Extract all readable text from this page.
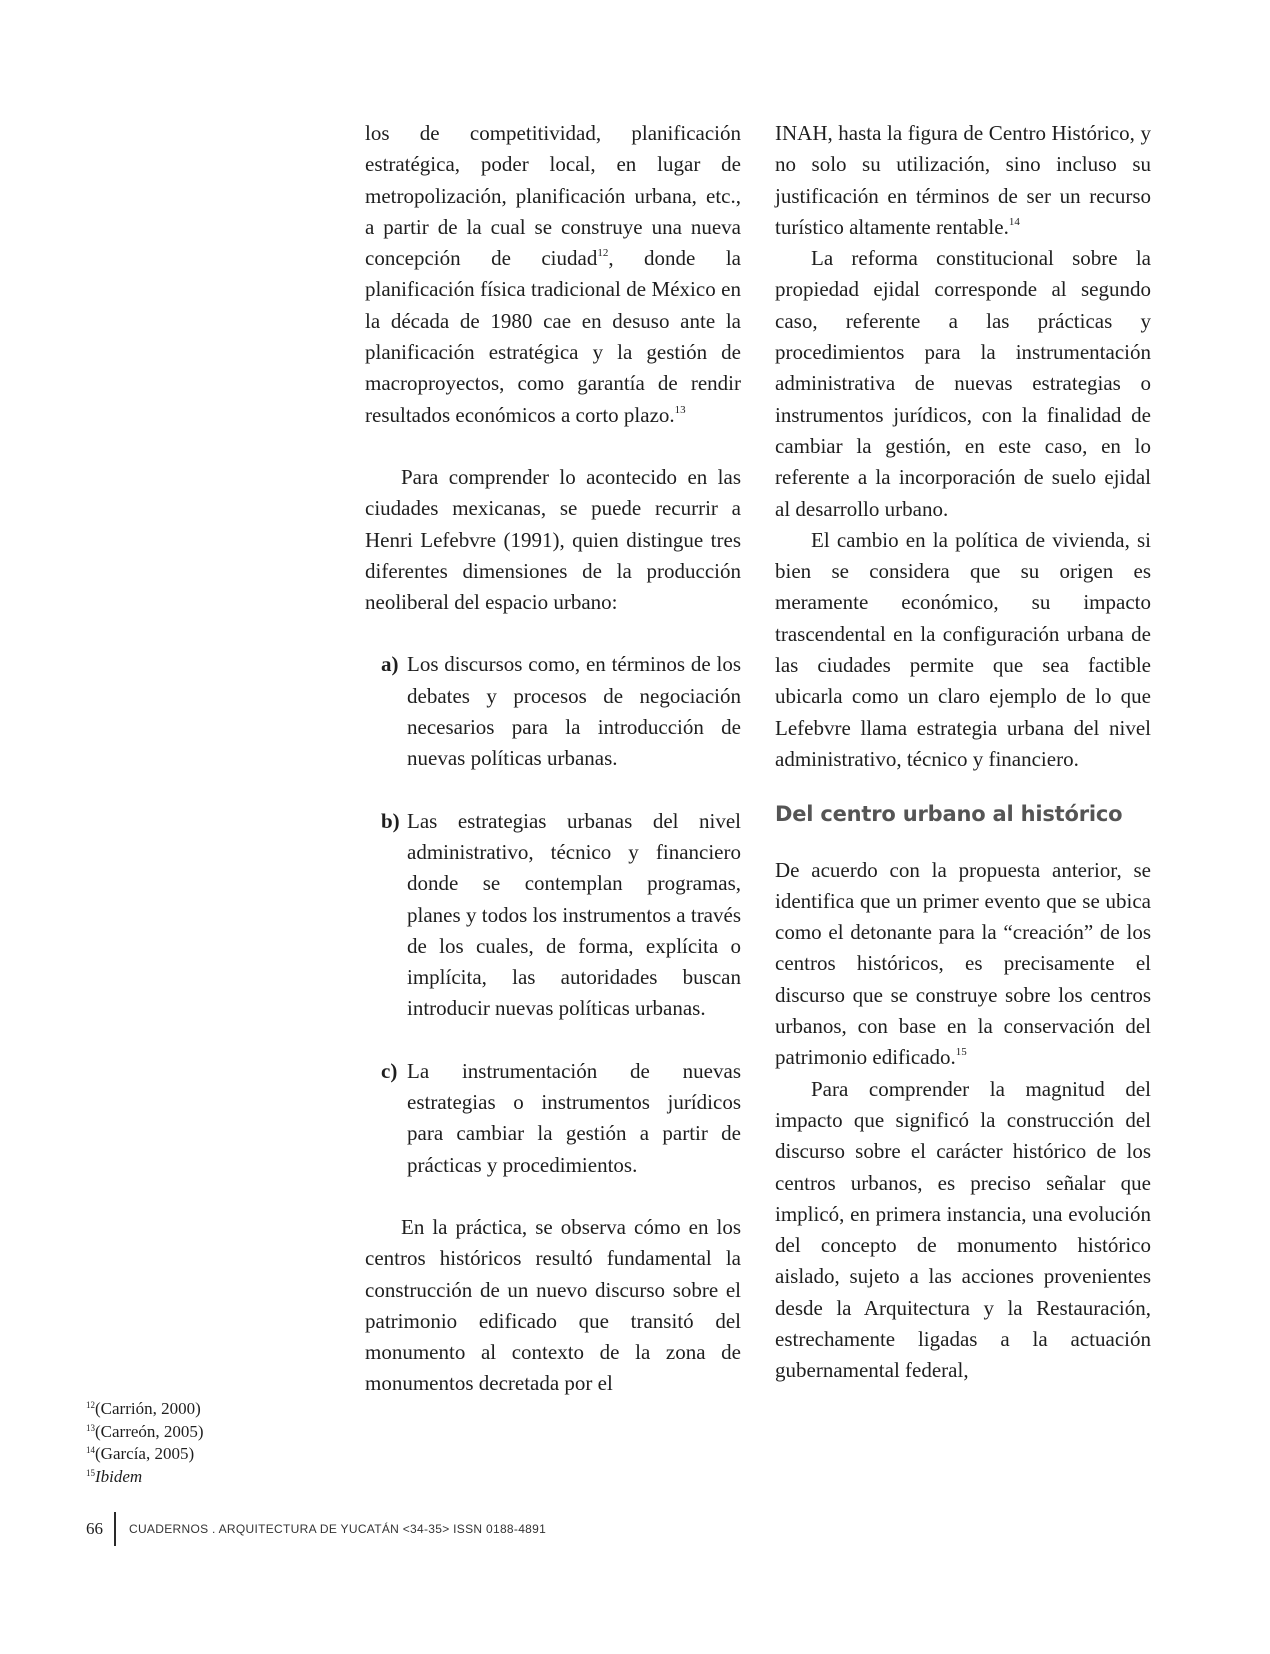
los de competitividad, planificación estratégica, poder local, en lugar de metropolización, planificación urbana, etc., a partir de la cual se construye una nueva concepción de ciudad$^{12}$, donde la planificación física tradicional de México en la década de 1980 cae en desuso ante la planificación estratégica y la gestión de macroproyectos, como garantía de rendir resultados económicos a corto plazo.$^{13}$

Para comprender lo acontecido en las ciudades mexicanas, se puede recurrir a Henri Lefebvre (1991), quien distingue tres diferentes dimensiones de la producción neoliberal del espacio urbano:

a) Los discursos como, en términos de los debates y procesos de negociación necesarios para la introducción de nuevas políticas urbanas.

b) Las estrategias urbanas del nivel administrativo, técnico y financiero donde se contemplan programas, planes y todos los instrumentos a través de los cuales, de forma, explícita o implícita, las autoridades buscan introducir nuevas políticas urbanas.

c) La instrumentación de nuevas estrategias o instrumentos jurídicos para cambiar la gestión a partir de prácticas y procedimientos.

En la práctica, se observa cómo en los centros históricos resultó fundamental la construcción de un nuevo discurso sobre el patrimonio edificado que transitó del monumento al contexto de la zona de monumentos decretada por el

INAH, hasta la figura de Centro Histórico, y no solo su utilización, sino incluso su justificación en términos de ser un recurso turístico altamente rentable.$^{14}$

La reforma constitucional sobre la propiedad ejidal corresponde al segundo caso, referente a las prácticas y procedimientos para la instrumentación administrativa de nuevas estrategias o instrumentos jurídicos, con la finalidad de cambiar la gestión, en este caso, en lo referente a la incorporación de suelo ejidal al desarrollo urbano.

El cambio en la política de vivienda, si bien se considera que su origen es meramente económico, su impacto trascendental en la configuración urbana de las ciudades permite que sea factible ubicarla como un claro ejemplo de lo que Lefebvre llama estrategia urbana del nivel administrativo, técnico y financiero.

Del centro urbano al histórico

De acuerdo con la propuesta anterior, se identifica que un primer evento que se ubica como el detonante para la “creación” de los centros históricos, es precisamente el discurso que se construye sobre los centros urbanos, con base en la conservación del patrimonio edificado.$^{15}$

Para comprender la magnitud del impacto que significó la construcción del discurso sobre el carácter histórico de los centros urbanos, es preciso señalar que implicó, en primera instancia, una evolución del concepto de monumento histórico aislado, sujeto a las acciones provenientes desde la Arquitectura y la Restauración, estrechamente ligadas a la actuación gubernamental federal,

$^{12}$(Carrión, 2000)
$^{13}$(Carreón, 2005)
$^{14}$(García, 2005)
$^{15}$Ibidem
66	CUADERNOS . ARQUITECTURA DE YUCATÁN <34-35> ISSN 0188-4891
